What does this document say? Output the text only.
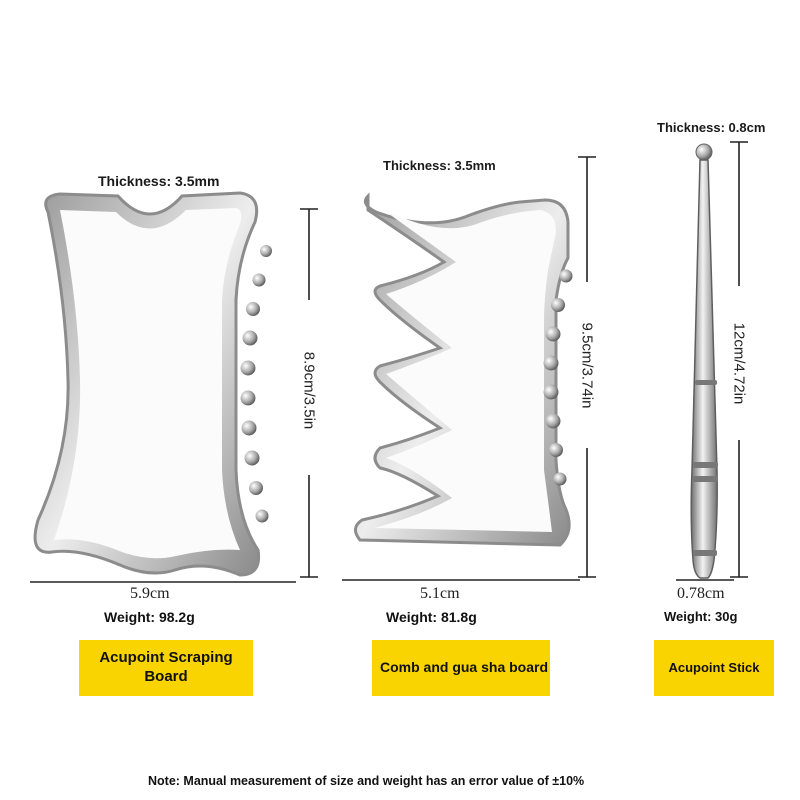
Thickness: 3.5mm
8.9cm/3.5in
5.9cm
Weight: 98.2g
Acupoint Scraping Board
Thickness: 3.5mm
9.5cm/3.74in
5.1cm
Weight: 81.8g
Comb and gua sha board
Thickness: 0.8cm
12cm/4.72in
0.78cm
Weight: 30g
Acupoint Stick
Note: Manual measurement of size and weight has an error value of ±10%
